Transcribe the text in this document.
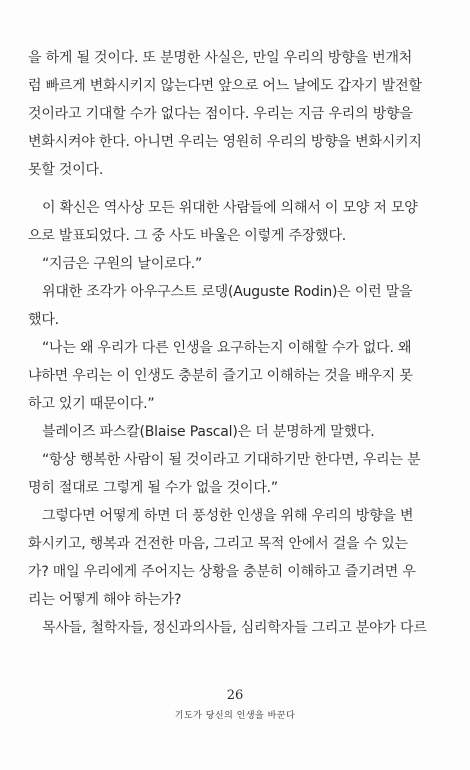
을 하게 될 것이다. 또 분명한 사실은, 만일 우리의 방향을 번개처
럼 빠르게 변화시키지 않는다면 앞으로 어느 날에도 갑자기 발전할
것이라고 기대할 수가 없다는 점이다. 우리는 지금 우리의 방향을
변화시켜야 한다. 아니면 우리는 영원히 우리의 방향을 변화시키지
못할 것이다.
이 확신은 역사상 모든 위대한 사람들에 의해서 이 모양 저 모양
으로 발표되었다. 그 중 사도 바울은 이렇게 주장했다.
“지금은 구원의 날이로다.”
위대한 조각가 아우구스트 로뎅(Auguste Rodin)은 이런 말을
했다.
“나는 왜 우리가 다른 인생을 요구하는지 이해할 수가 없다. 왜
냐하면 우리는 이 인생도 충분히 즐기고 이해하는 것을 배우지 못
하고 있기 때문이다.”
블레이즈 파스칼(Blaise Pascal)은 더 분명하게 말했다.
“항상 행복한 사람이 될 것이라고 기대하기만 한다면, 우리는 분
명히 절대로 그렇게 될 수가 없을 것이다.”
그렇다면 어떻게 하면 더 풍성한 인생을 위해 우리의 방향을 변
화시키고, 행복과 건전한 마음, 그리고 목적 안에서 걸을 수 있는
가? 매일 우리에게 주어지는 상황을 충분히 이해하고 즐기려면 우
리는 어떻게 해야 하는가?
목사들, 철학자들, 정신과의사들, 심리학자들 그리고 분야가 다르
26
기도가 당신의 인생을 바꾼다
